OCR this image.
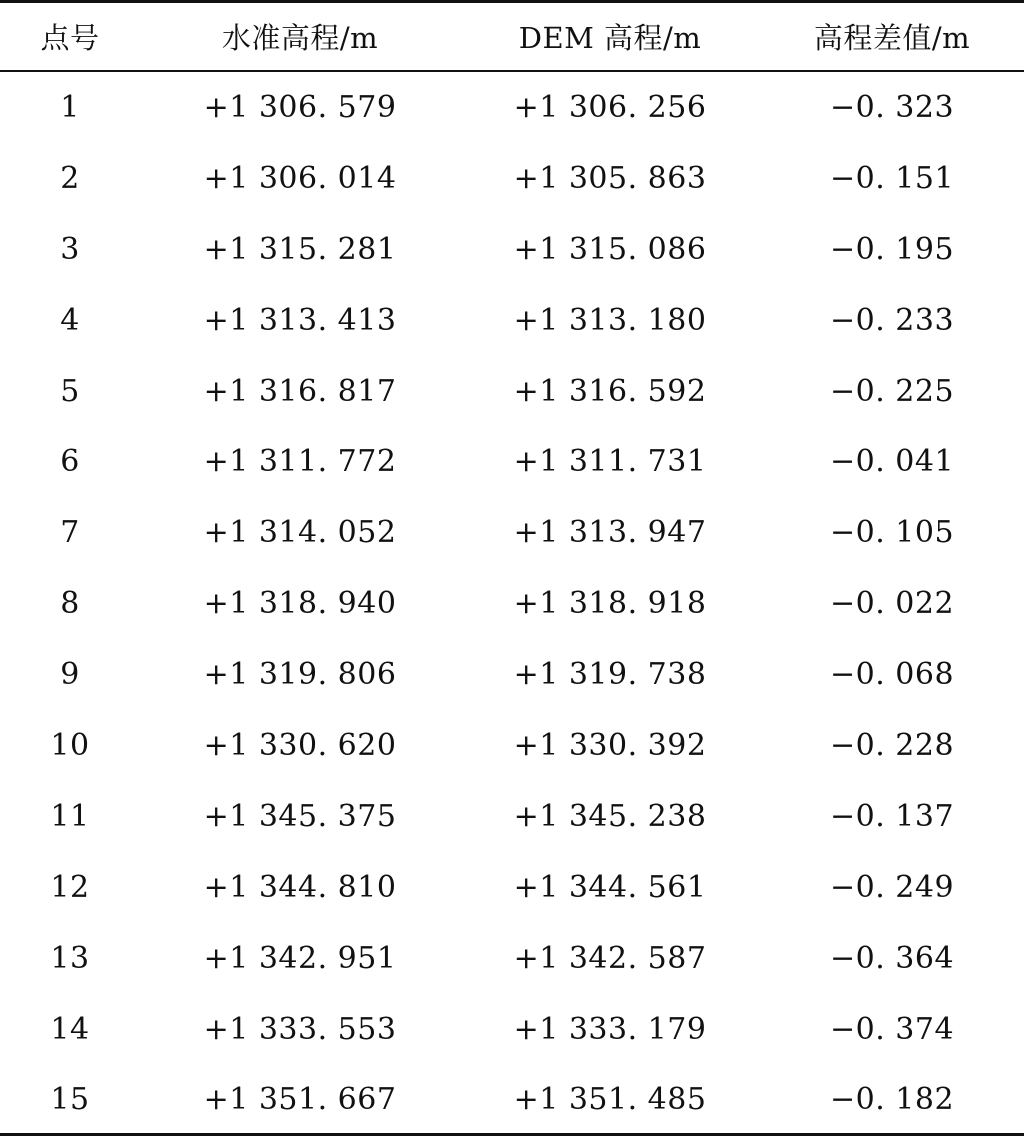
点号	水准高程/m	DEM 高程/m	高程差值/m
1	+1 306. 579	+1 306. 256	−0. 323
2	+1 306. 014	+1 305. 863	−0. 151
3	+1 315. 281	+1 315. 086	−0. 195
4	+1 313. 413	+1 313. 180	−0. 233
5	+1 316. 817	+1 316. 592	−0. 225
6	+1 311. 772	+1 311. 731	−0. 041
7	+1 314. 052	+1 313. 947	−0. 105
8	+1 318. 940	+1 318. 918	−0. 022
9	+1 319. 806	+1 319. 738	−0. 068
10	+1 330. 620	+1 330. 392	−0. 228
11	+1 345. 375	+1 345. 238	−0. 137
12	+1 344. 810	+1 344. 561	−0. 249
13	+1 342. 951	+1 342. 587	−0. 364
14	+1 333. 553	+1 333. 179	−0. 374
15	+1 351. 667	+1 351. 485	−0. 182
